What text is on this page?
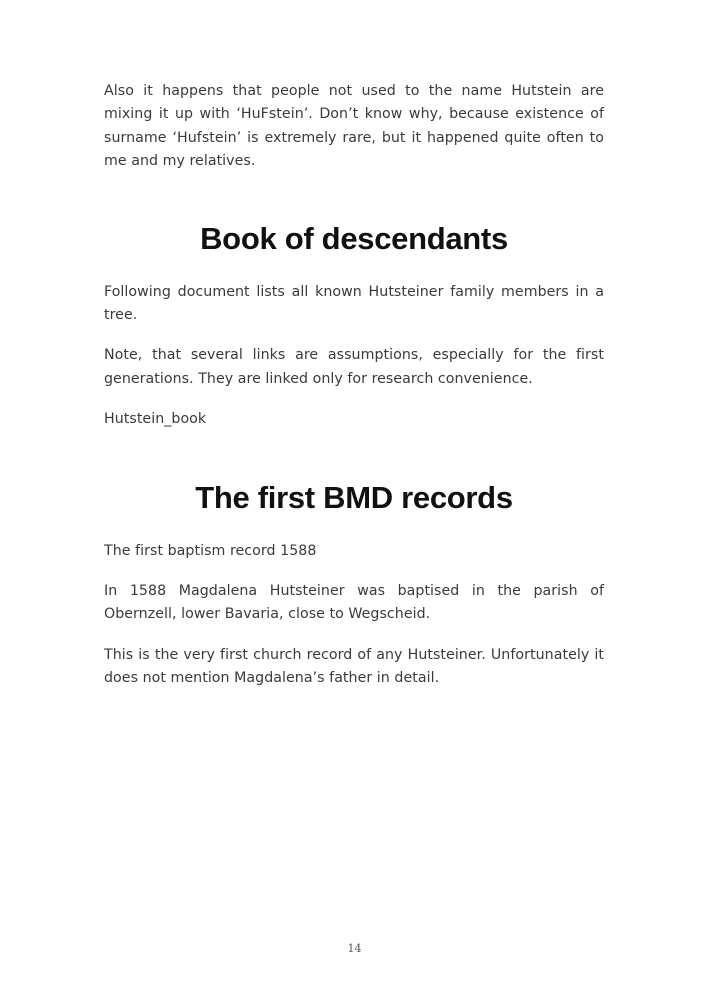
Also it happens that people not used to the name Hutstein are mixing it up with ‘HuFstein’. Don’t know why, because existence of surname ‘Hufstein’ is extremely rare, but it happened quite often to me and my relatives.

Book of descendants

Following document lists all known Hutsteiner family members in a tree.

Note, that several links are assumptions, especially for the first generations. They are linked only for research convenience.

Hutstein_book

The first BMD records

The first baptism record 1588

In 1588 Magdalena Hutsteiner was baptised in the parish of Obernzell, lower Bavaria, close to Wegscheid.

This is the very first church record of any Hutsteiner. Unfortunately it does not mention Magdalena’s father in detail.

14
